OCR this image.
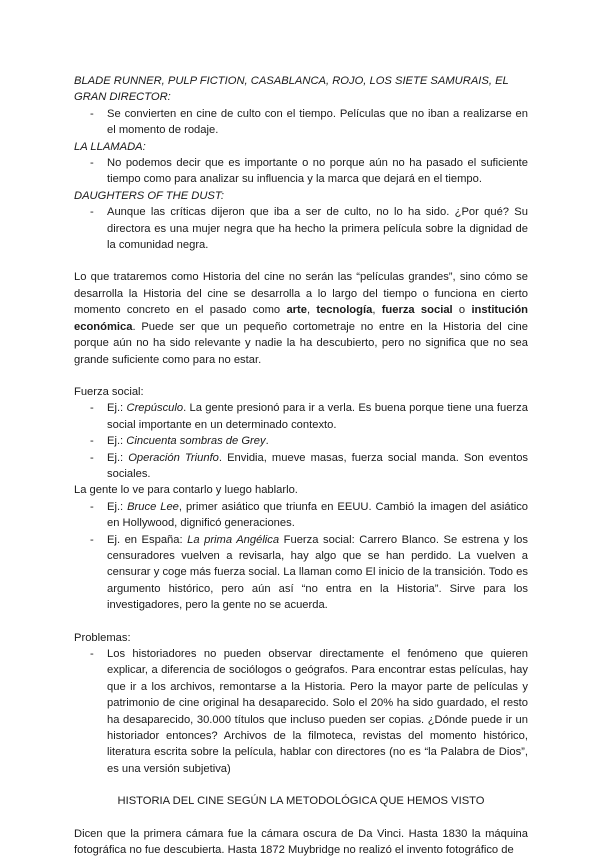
BLADE RUNNER, PULP FICTION, CASABLANCA, ROJO, LOS SIETE SAMURAIS, EL GRAN DIRECTOR:

- Se convierten en cine de culto con el tiempo. Películas que no iban a realizarse en el momento de rodaje.

LA LLAMADA:

- No podemos decir que es importante o no porque aún no ha pasado el suficiente tiempo como para analizar su influencia y la marca que dejará en el tiempo.

DAUGHTERS OF THE DUST:

- Aunque las críticas dijeron que iba a ser de culto, no lo ha sido. ¿Por qué? Su directora es una mujer negra que ha hecho la primera película sobre la dignidad de la comunidad negra.

Lo que trataremos como Historia del cine no serán las “películas grandes”, sino cómo se desarrolla la Historia del cine se desarrolla a lo largo del tiempo o funciona en cierto momento concreto en el pasado como arte, tecnología, fuerza social o institución económica. Puede ser que un pequeño cortometraje no entre en la Historia del cine porque aún no ha sido relevante y nadie la ha descubierto, pero no significa que no sea grande suficiente como para no estar.

Fuerza social:

- Ej.: Crepúsculo. La gente presionó para ir a verla. Es buena porque tiene una fuerza social importante en un determinado contexto.
- Ej.: Cincuenta sombras de Grey.
- Ej.: Operación Triunfo. Envidia, mueve masas, fuerza social manda. Son eventos sociales.

La gente lo ve para contarlo y luego hablarlo.

- Ej.: Bruce Lee, primer asiático que triunfa en EEUU. Cambió la imagen del asiático en Hollywood, dignificó generaciones.
- Ej. en España: La prima Angélica Fuerza social: Carrero Blanco. Se estrena y los censuradores vuelven a revisarla, hay algo que se han perdido. La vuelven a censurar y coge más fuerza social. La llaman como El inicio de la transición. Todo es argumento histórico, pero aún así “no entra en la Historia”. Sirve para los investigadores, pero la gente no se acuerda.

Problemas:

- Los historiadores no pueden observar directamente el fenómeno que quieren explicar, a diferencia de sociólogos o geógrafos. Para encontrar estas películas, hay que ir a los archivos, remontarse a la Historia. Pero la mayor parte de películas y patrimonio de cine original ha desaparecido. Solo el 20% ha sido guardado, el resto ha desaparecido, 30.000 títulos que incluso pueden ser copias. ¿Dónde puede ir un historiador entonces? Archivos de la filmoteca, revistas del momento histórico, literatura escrita sobre la película, hablar con directores (no es “la Palabra de Dios”, es una versión subjetiva)

HISTORIA DEL CINE SEGÚN LA METODOLÓGICA QUE HEMOS VISTO

Dicen que la primera cámara fue la cámara oscura de Da Vinci. Hasta 1830 la máquina fotográfica no fue descubierta. Hasta 1872 Muybridge no realizó el invento fotográfico de
